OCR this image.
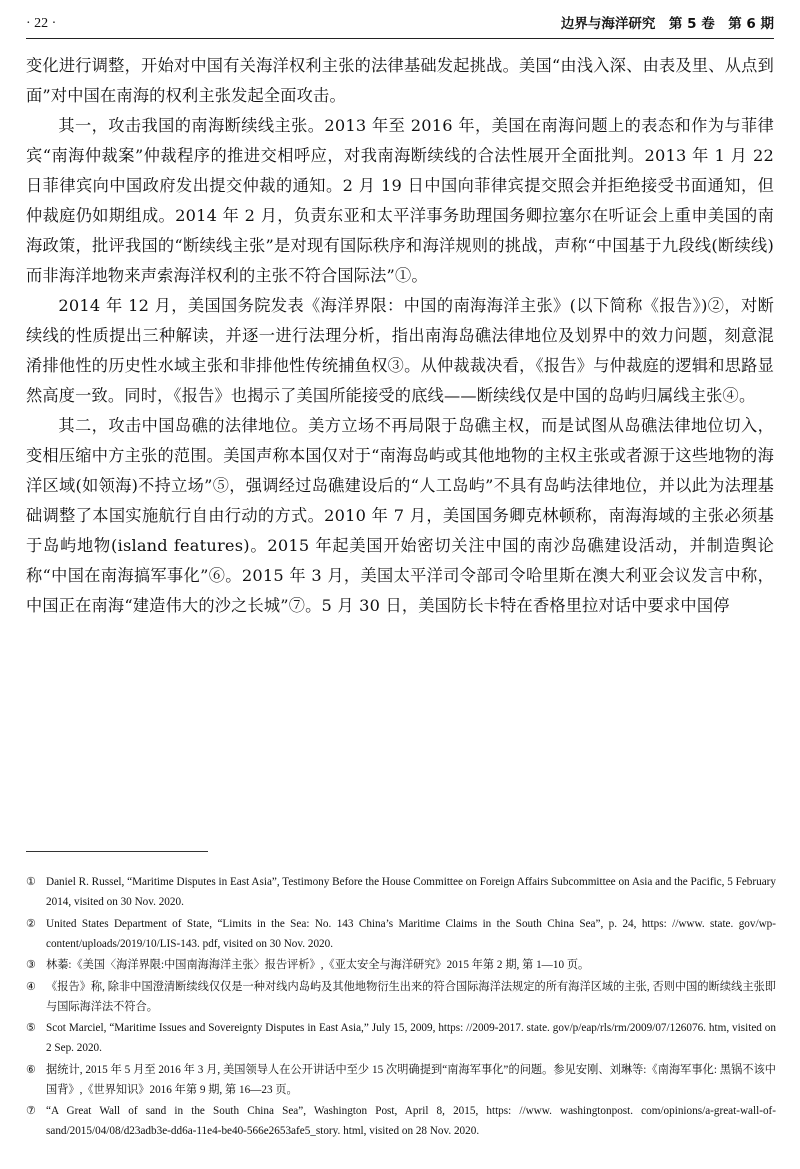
· 22 ·	边界与海洋研究　第 5 卷　第 6 期

变化进行调整，开始对中国有关海洋权利主张的法律基础发起挑战。美国“由浅入深、由表及里、从点到面”对中国在南海的权利主张发起全面攻击。

其一，攻击我国的南海断续线主张。2013 年至 2016 年，美国在南海问题上的表态和作为与菲律宾“南海仲裁案”仲裁程序的推进交相呼应，对我南海断续线的合法性展开全面批判。2013 年 1 月 22 日菲律宾向中国政府发出提交仲裁的通知。2 月 19 日中国向菲律宾提交照会并拒绝接受书面通知，但仲裁庭仍如期组成。2014 年 2 月，负责东亚和太平洋事务助理国务卿拉塞尔在听证会上重申美国的南海政策，批评我国的“断续线主张”是对现有国际秩序和海洋规则的挑战，声称“中国基于九段线(断续线)而非海洋地物来声索海洋权利的主张不符合国际法”①。

2014 年 12 月，美国国务院发表《海洋界限：中国的南海海洋主张》(以下简称《报告》)②，对断续线的性质提出三种解读，并逐一进行法理分析，指出南海岛礁法律地位及划界中的效力问题，刻意混淆排他性的历史性水域主张和非排他性传统捕鱼权③。从仲裁裁决看，《报告》与仲裁庭的逻辑和思路显然高度一致。同时，《报告》也揭示了美国所能接受的底线——断续线仅是中国的岛屿归属线主张④。

其二，攻击中国岛礁的法律地位。美方立场不再局限于岛礁主权，而是试图从岛礁法律地位切入，变相压缩中方主张的范围。美国声称本国仅对于“南海岛屿或其他地物的主权主张或者源于这些地物的海洋区域(如领海)不持立场”⑤，强调经过岛礁建设后的“人工岛屿”不具有岛屿法律地位，并以此为法理基础调整了本国实施航行自由行动的方式。2010 年 7 月，美国国务卿克林顿称，南海海域的主张必须基于岛屿地物(island features)。2015 年起美国开始密切关注中国的南沙岛礁建设活动，并制造舆论称“中国在南海搞军事化”⑥。2015 年 3 月，美国太平洋司令部司令哈里斯在澳大利亚会议发言中称，中国正在南海“建造伟大的沙之长城”⑦。5 月 30 日，美国防长卡特在香格里拉对话中要求中国停

① Daniel R. Russel, “Maritime Disputes in East Asia”, Testimony Before the House Committee on Foreign Affairs Subcommittee on Asia and the Pacific, 5 February 2014, visited on 30 Nov. 2020.
② United States Department of State, “Limits in the Sea: No. 143 China’s Maritime Claims in the South China Sea”, p. 24, https: //www. state. gov/wp-content/uploads/2019/10/LIS-143. pdf, visited on 30 Nov. 2020.
③ 林蓁:《美国〈海洋界限:中国南海海洋主张〉报告评析》,《亚太安全与海洋研究》2015 年第 2 期, 第 1—10 页。
④ 《报告》称, 除非中国澄清断续线仅仅是一种对线内岛屿及其他地物衍生出来的符合国际海洋法规定的所有海洋区域的主张, 否则中国的断续线主张即与国际海洋法不符合。
⑤ Scot Marciel, “Maritime Issues and Sovereignty Disputes in East Asia,” July 15, 2009, https: //2009-2017. state. gov/p/eap/rls/rm/2009/07/126076. htm, visited on 2 Sep. 2020.
⑥ 据统计, 2015 年 5 月至 2016 年 3 月, 美国领导人在公开讲话中至少 15 次明确提到“南海军事化”的问题。参见安刚、刘琳等:《南海军事化: 黑锅不该中国背》,《世界知识》2016 年第 9 期, 第 16—23 页。
⑦ “A Great Wall of sand in the South China Sea”, Washington Post, April 8, 2015, https: //www. washingtonpost. com/opinions/a-great-wall-of-sand/2015/04/08/d23adb3e-dd6a-11e4-be40-566e2653afe5_story. html, visited on 28 Nov. 2020.
